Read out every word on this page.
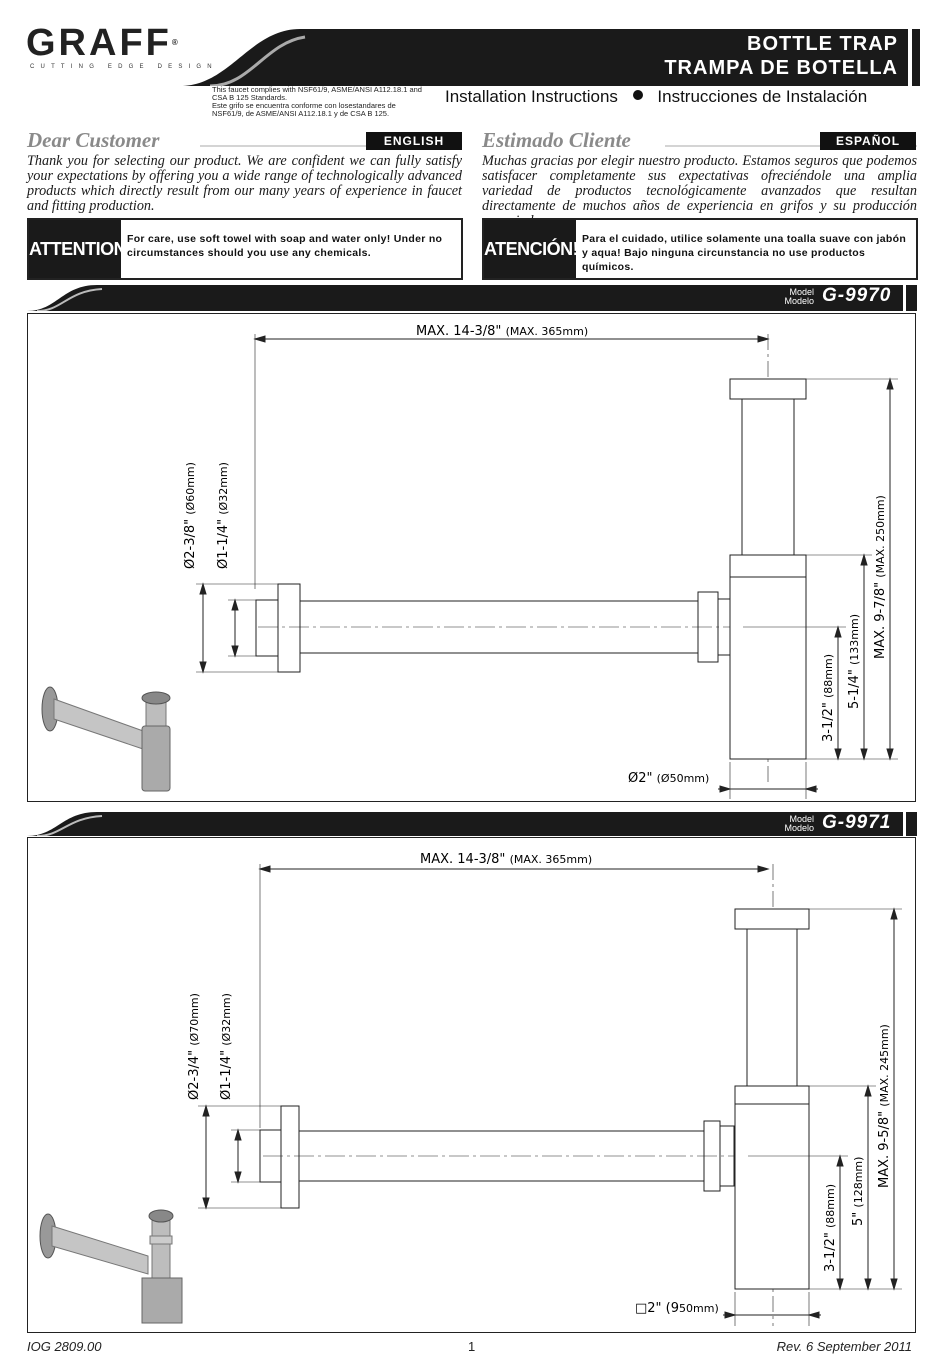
GRAFF®
CUTTING EDGE DESIGN
BOTTLE TRAP
TRAMPA DE BOTELLA
This faucet complies with NSF61/9, ASME/ANSI A112.18.1 and CSA B 125 Standards.
Este grifo se encuentra conforme con losestandares de NSF61/9, de ASME/ANSI A112.18.1 y de CSA B 125.
Installation Instructions Instrucciones de Instalación
Dear Customer	ENGLISH
Thank you for selecting our product. We are confident we can fully satisfy your expectations by offering you a wide range of technologically advanced products which directly result from our many years of experience in faucet and fitting production.
ATTENTION!
For care, use soft towel with soap and water only! Under no circumstances should you use any chemicals.
Estimado Cliente	ESPAÑOL
Muchas gracias por elegir nuestro producto. Estamos seguros que podemos satisfacer completamente sus expectativas ofreciéndole una amplia variedad de productos tecnológicamente avanzados que resultan directamente de muchos años de experiencia en grifos y su producción
ATENCIÓN! Para el cuidado, utilice solamente una toalla suave con jabón y aqua! Bajo ninguna circunstancia no use productos químicos.
Model
Modelo G-9970
MAX. 14-3/8" (MAX. 365mm)
Ø2-3/8" (Ø60mm)
Ø1-1/4" (Ø32mm)
MAX. 9-7/8" (MAX. 250mm)
5-1/4" (133mm)
3-1/2" (88mm)
Ø2" (Ø50mm)
Model
Modelo G-9971
MAX. 14-3/8" (MAX. 365mm)
Ø2-3/4" (Ø70mm)
Ø1-1/4" (Ø32mm)
MAX. 9-5/8" (MAX. 245mm)
5" (128mm)
3-1/2" (88mm)
□2" (950mm)
IOG 2809.00	1	Rev. 6 September 2011
